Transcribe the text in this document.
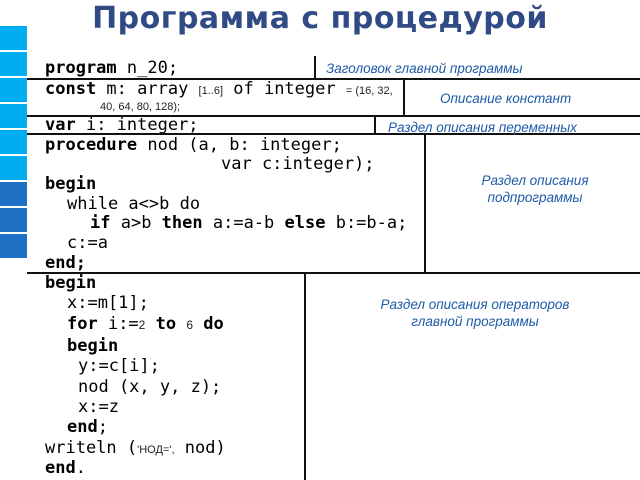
Программа с процедурой
program n_20;
const m: array [1..6] of integer = (16, 32,
40, 64, 80, 128);
var i: integer;
procedure nod (a, b: integer;
var c:integer);
begin
while a<>b do
if a>b then a:=a-b else b:=b-a;
c:=a
end;
begin
x:=m[1];
for i:=2 to 6 do
begin
y:=c[i];
nod (x, y, z);
x:=z
end;
writeln ('НОД=', nod)
end.
Заголовок главной программы
Описание констант
Раздел описания переменных
Раздел описания
подпрограммы
Раздел описания операторов
главной программы
